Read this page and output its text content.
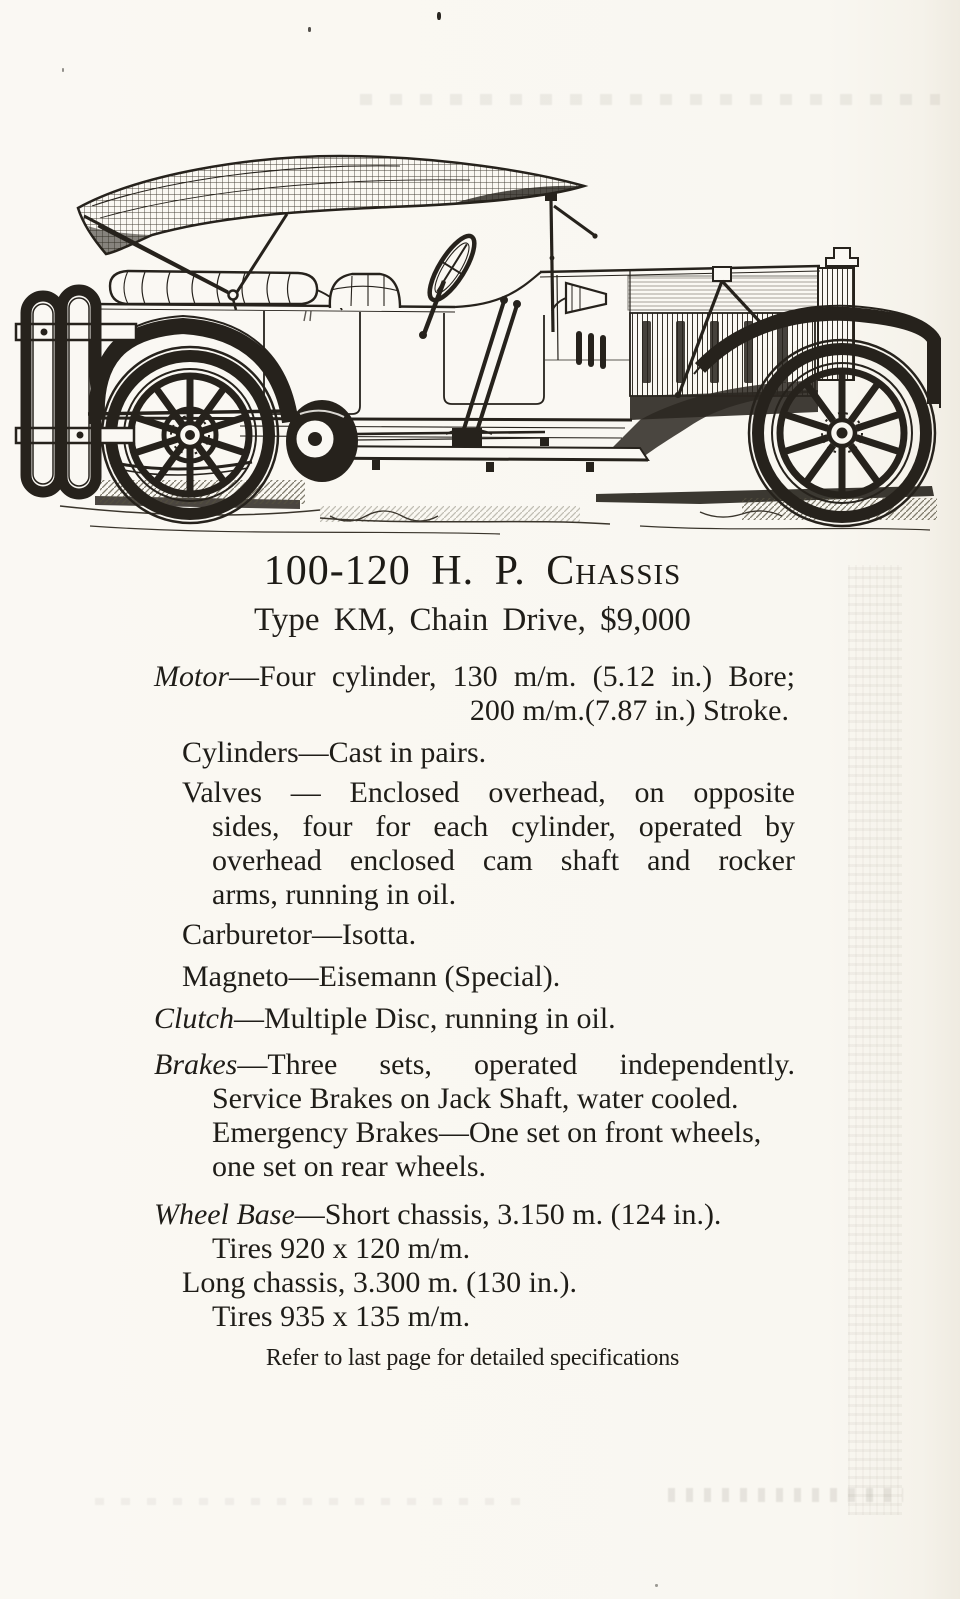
100-120 H. P. Chassis
Type KM, Chain Drive, $9,000
Motor—Four cylinder, 130 m/m. (5.12 in.) Bore;
200 m/m.(7.87 in.) Stroke.
Cylinders—Cast in pairs.
Valves — Enclosed overhead, on opposite
sides, four for each cylinder, operated by
overhead enclosed cam shaft and rocker
arms, running in oil.
Carburetor—Isotta.
Magneto—Eisemann (Special).
Clutch—Multiple Disc, running in oil.
Brakes—Three sets, operated independently.
Service Brakes on Jack Shaft, water cooled.
Emergency Brakes—One set on front wheels,
one set on rear wheels.
Wheel Base—Short chassis, 3.150 m. (124 in.).
Tires 920 x 120 m/m.
Long chassis, 3.300 m. (130 in.).
Tires 935 x 135 m/m.
Refer to last page for detailed specifications
